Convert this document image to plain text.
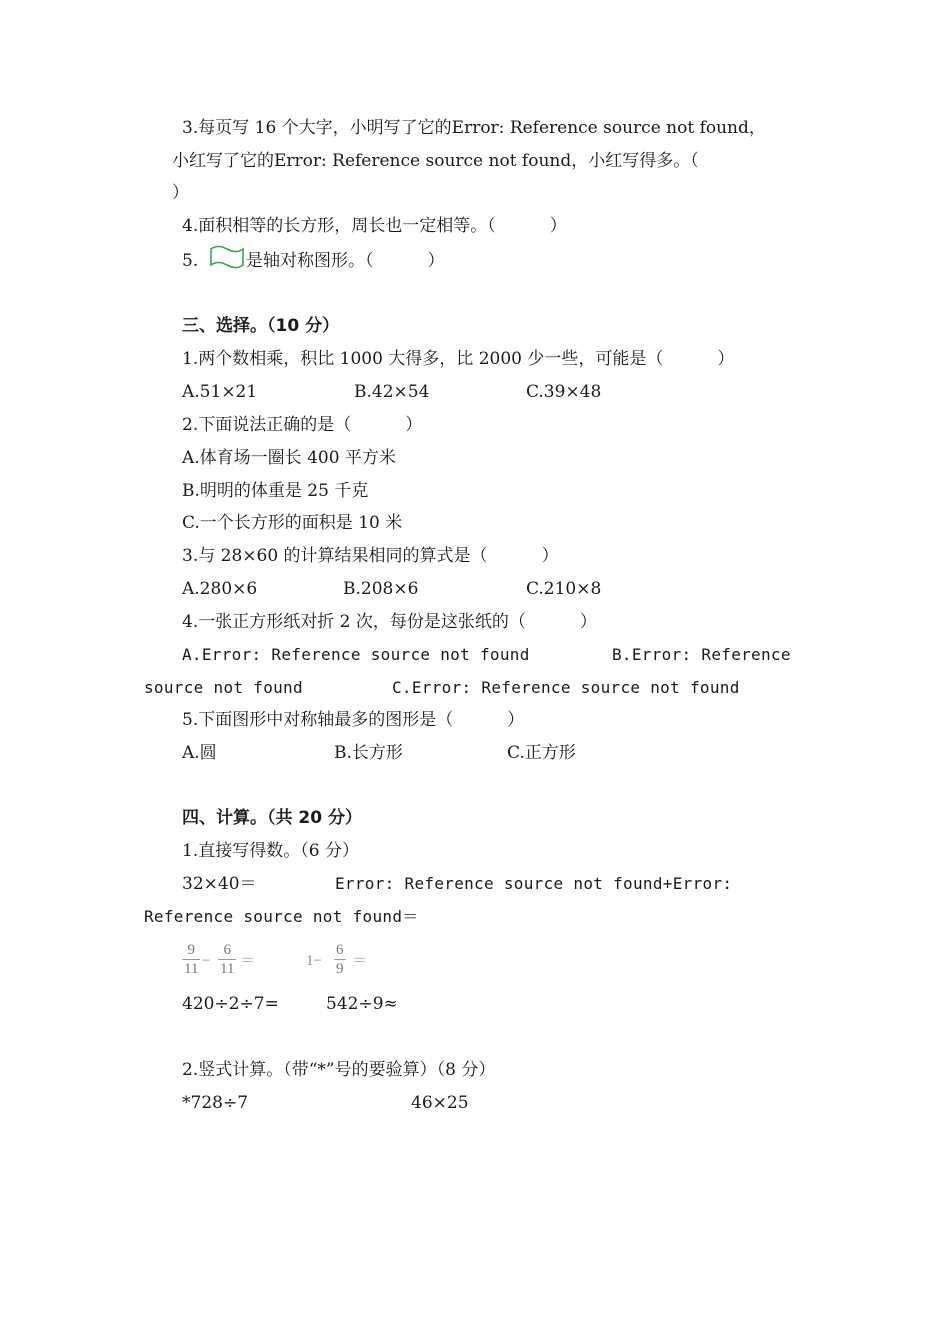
3.每页写 16 个大字，小明写了它的Error: Reference source not found，
小红写了它的Error: Reference source not found，小红写得多。（
）
4.面积相等的长方形，周长也一定相等。（          ）
5. 是轴对称图形。（          ）
三、选择。（10 分）
1.两个数相乘，积比 1000 大得多，比 2000 少一些，可能是（          ）
A.51×21	B.42×54	C.39×48
2.下面说法正确的是（          ）
A.体育场一圈长 400 平方米
B.明明的体重是 25 千克
C.一个长方形的面积是 10 米
3.与 28×60 的计算结果相同的算式是（          ）
A.280×6	B.208×6	C.210×8
4.一张正方形纸对折 2 次，每份是这张纸的（          ）
A.Error: Reference source not found	B.Error: Reference
source not found	C.Error: Reference source not found
5.下面图形中对称轴最多的图形是（          ）
A.圆	B.长方形	C.正方形
四、计算。（共 20 分）
1.直接写得数。（6 分）
32×40＝	Error: Reference source not found+Error:
Reference source not found＝
$\frac{9}{11} - \frac{6}{11}$ ＝	$1- \frac{6}{9}$ ＝
420÷2÷7=	542÷9≈
2.竖式计算。（带“*”号的要验算）（8 分）
*728÷7	46×25
